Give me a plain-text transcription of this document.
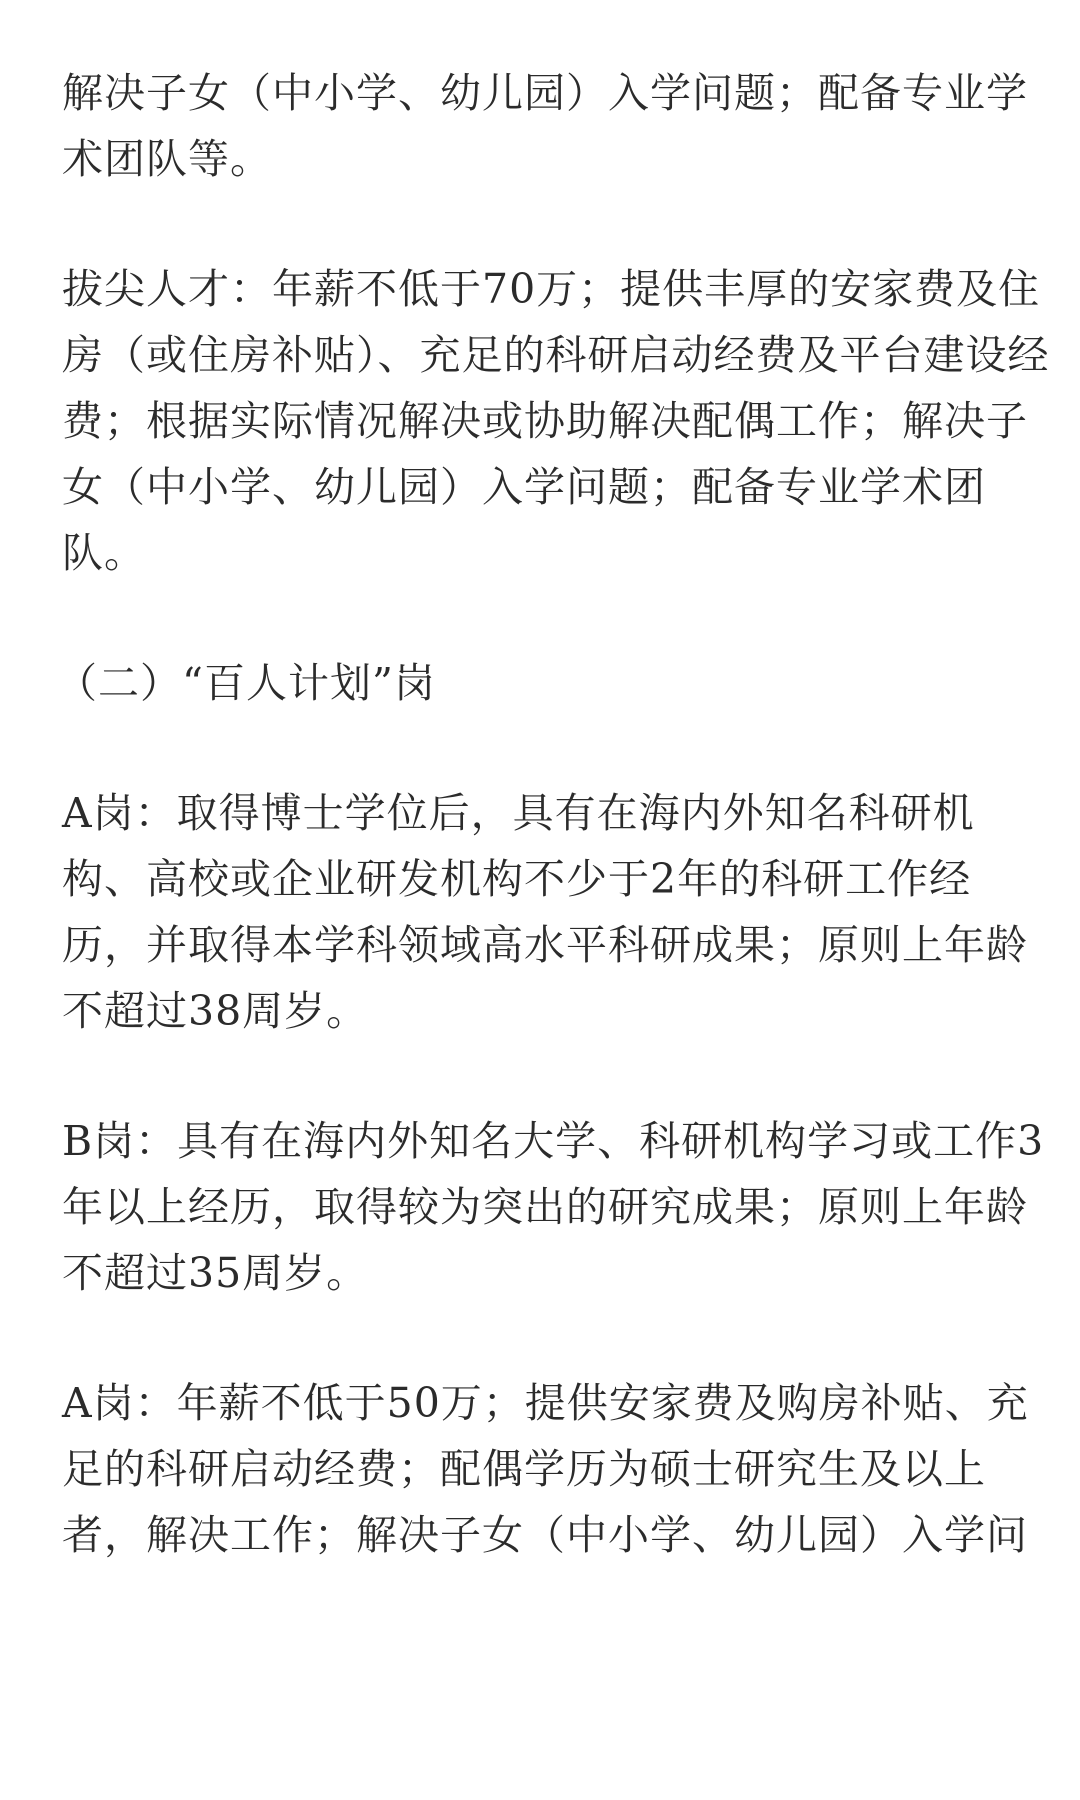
解决子女（中小学、幼儿园）入学问题；配备专业学
术团队等。
拔尖人才：年薪不低于70万；提供丰厚的安家费及住
房（或住房补贴）、充足的科研启动经费及平台建设经
费；根据实际情况解决或协助解决配偶工作；解决子
女（中小学、幼儿园）入学问题；配备专业学术团
队。
（二）“百人计划”岗
A岗：取得博士学位后，具有在海内外知名科研机
构、高校或企业研发机构不少于2年的科研工作经
历，并取得本学科领域高水平科研成果；原则上年龄
不超过38周岁。
B岗：具有在海内外知名大学、科研机构学习或工作3
年以上经历，取得较为突出的研究成果；原则上年龄
不超过35周岁。
A岗：年薪不低于50万；提供安家费及购房补贴、充
足的科研启动经费；配偶学历为硕士研究生及以上
者，解决工作；解决子女（中小学、幼儿园）入学问
